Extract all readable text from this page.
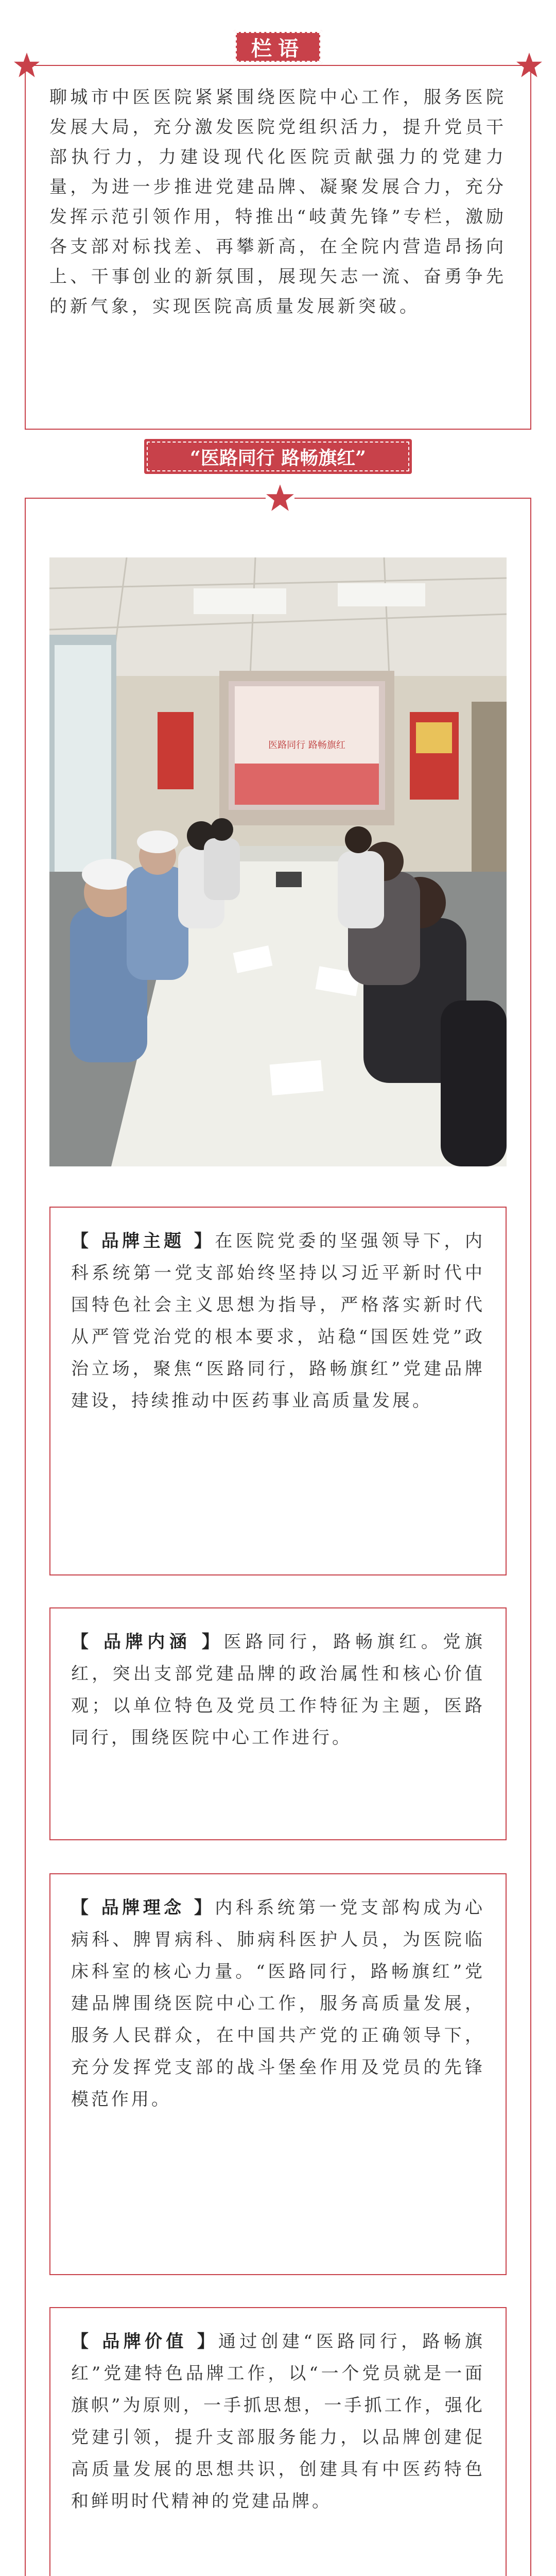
栏语

聊城市中医医院紧紧围绕医院中心工作，服务医院发展大局，充分激发医院党组织活力，提升党员干部执行力，力建设现代化医院贡献强力的党建力量，为进一步推进党建品牌、凝聚发展合力，充分发挥示范引领作用，特推出“岐黄先锋”专栏，激励各支部对标找差、再攀新高，在全院内营造昂扬向上、干事创业的新氛围，展现矢志一流、奋勇争先的新气象，实现医院高质量发展新突破。

“医路同行 路畅旗红”
医路同行 路畅旗红

【 品牌主题 】在医院党委的坚强领导下，内科系统第一党支部始终坚持以习近平新时代中国特色社会主义思想为指导，严格落实新时代从严管党治党的根本要求，站稳“国医姓党”政治立场，聚焦“医路同行，路畅旗红”党建品牌建设，持续推动中医药事业高质量发展。

【 品牌内涵 】医路同行，路畅旗红。党旗红，突出支部党建品牌的政治属性和核心价值观；以单位特色及党员工作特征为主题，医路同行，围绕医院中心工作进行。

【 品牌理念 】内科系统第一党支部构成为心病科、脾胃病科、肺病科医护人员，为医院临床科室的核心力量。“医路同行，路畅旗红”党建品牌围绕医院中心工作，服务高质量发展，服务人民群众，在中国共产党的正确领导下，充分发挥党支部的战斗堡垒作用及党员的先锋模范作用。

【 品牌价值 】通过创建“医路同行，路畅旗红”党建特色品牌工作，以“一个党员就是一面旗帜”为原则，一手抓思想，一手抓工作，强化党建引领，提升支部服务能力，以品牌创建促高质量发展的思想共识，创建具有中医药特色和鲜明时代精神的党建品牌。
